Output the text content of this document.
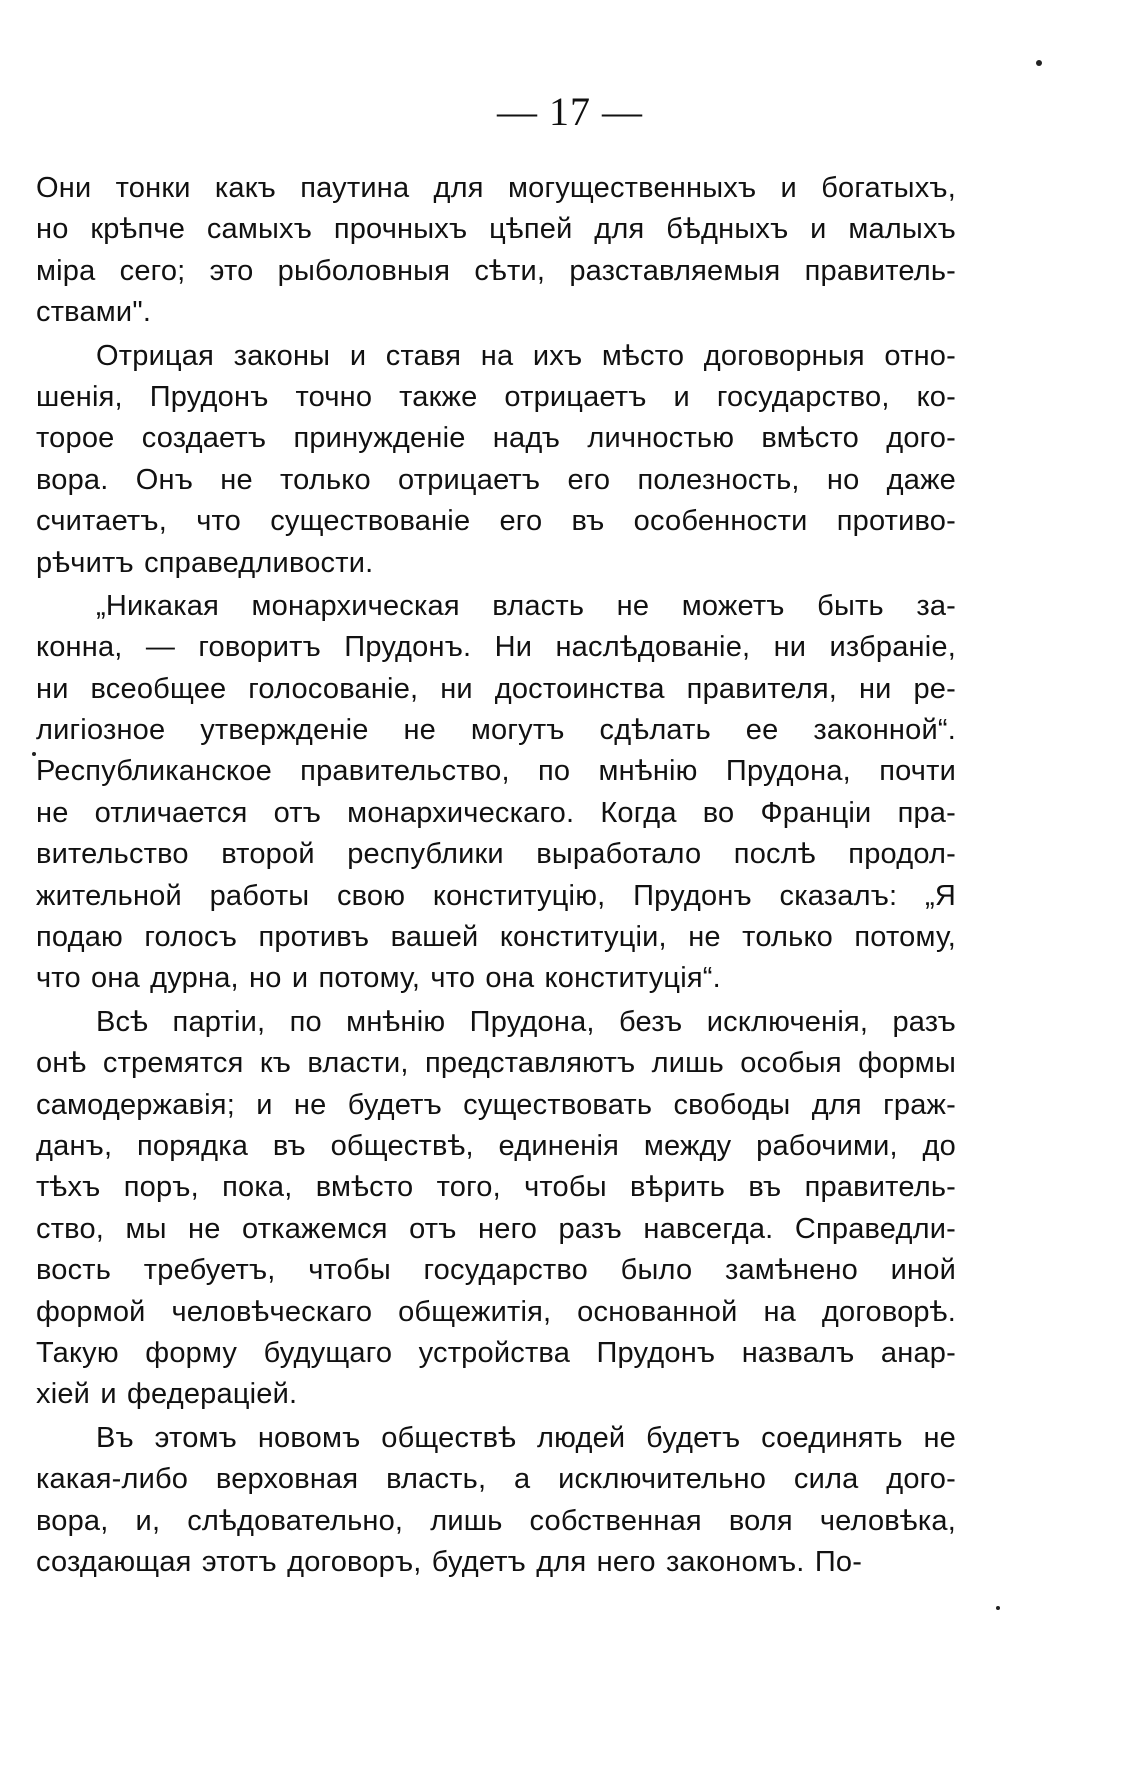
— 17 —
Они тонки какъ паутина для могущественныхъ и богатыхъ,
но крѣпче самыхъ прочныхъ цѣпей для бѣдныхъ и малыхъ
міра сего; это рыболовныя сѣти, разставляемыя правитель-
ствами".
Отрицая законы и ставя на ихъ мѣсто договорныя отно-
шенія, Прудонъ точно также отрицаетъ и государство, ко-
торое создаетъ принужденіе надъ личностью вмѣсто дого-
вора. Онъ не только отрицаетъ его полезность, но даже
считаетъ, что существованіе его въ особенности противо-
рѣчитъ справедливости.
„Никакая монархическая власть не можетъ быть за-
конна, — говоритъ Прудонъ. Ни наслѣдованіе, ни избраніе,
ни всеобщее голосованіе, ни достоинства правителя, ни ре-
лигіозное утвержденіе не могутъ сдѣлать ее законной“.
Республиканское правительство, по мнѣнію Прудона, почти
не отличается отъ монархическаго. Когда во Франціи пра-
вительство второй республики выработало послѣ продол-
жительной работы свою конституцію, Прудонъ сказалъ: „Я
подаю голосъ противъ вашей конституціи, не только потому,
что она дурна, но и потому, что она конституція“.
Всѣ партіи, по мнѣнію Прудона, безъ исключенія, разъ
онѣ стремятся къ власти, представляютъ лишь особыя формы
самодержавія; и не будетъ существовать свободы для граж-
данъ, порядка въ обществѣ, единенія между рабочими, до
тѣхъ поръ, пока, вмѣсто того, чтобы вѣрить въ правитель-
ство, мы не откажемся отъ него разъ навсегда. Справедли-
вость требуетъ, чтобы государство было замѣнено иной
формой человѣческаго общежитія, основанной на договорѣ.
Такую форму будущаго устройства Прудонъ назвалъ анар-
хіей и федераціей.
Въ этомъ новомъ обществѣ людей будетъ соединять не
какая-либо верховная власть, а исключительно сила дого-
вора, и, слѣдовательно, лишь собственная воля человѣка,
создающая этотъ договоръ, будетъ для него закономъ. По-
